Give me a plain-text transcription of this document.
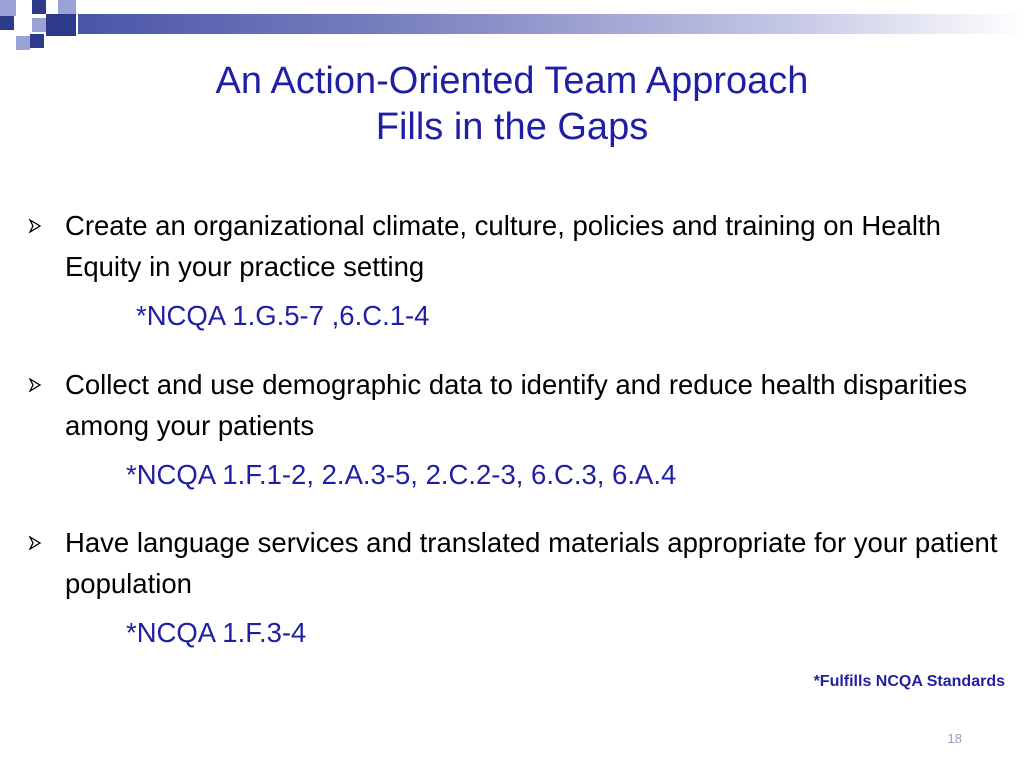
An Action-Oriented Team Approach
Fills in the Gaps
Create an organizational climate, culture, policies and training on Health Equity in your practice setting
*NCQA 1.G.5-7 ,6.C.1-4
Collect and use demographic data to identify and reduce health disparities among your patients
*NCQA 1.F.1-2, 2.A.3-5, 2.C.2-3, 6.C.3, 6.A.4
Have language services and translated materials appropriate for your patient population
*NCQA 1.F.3-4
*Fulfills NCQA Standards
18
